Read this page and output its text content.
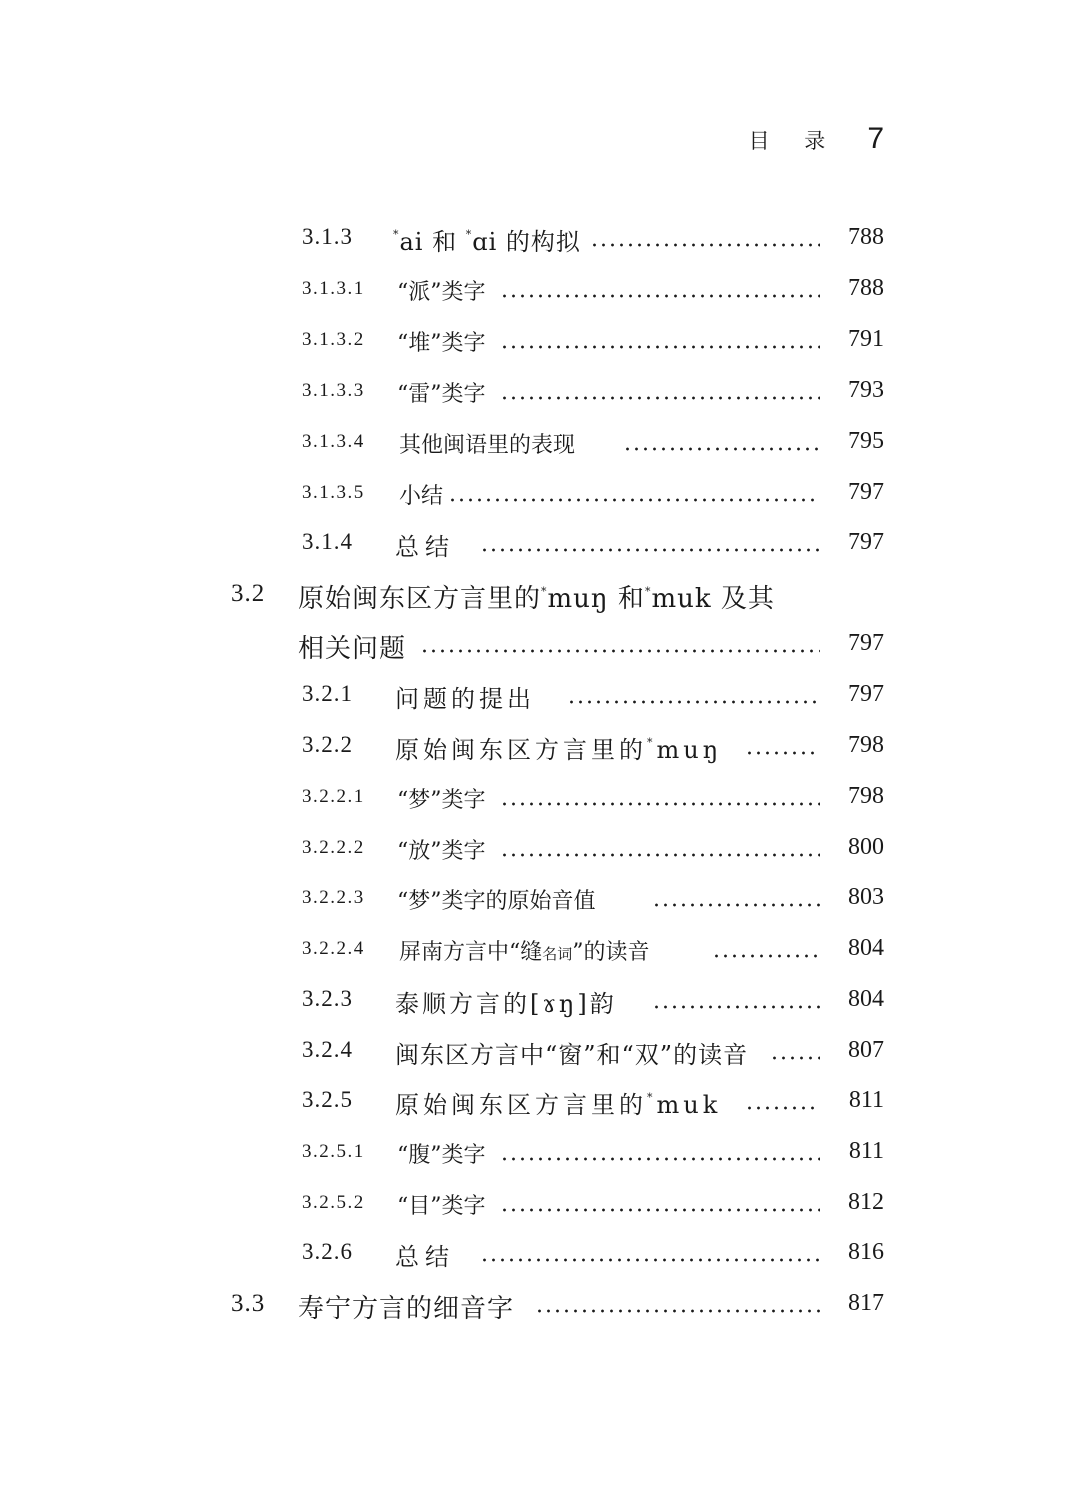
目 录 7
3.1.3	*ai 和 *ɑi 的构拟	788
3.1.3.1 “派”类字	788
3.1.3.2 “堆”类字	791
3.1.3.3 “雷”类字	793
3.1.3.4 其他闽语里的表现	795
3.1.3.5 小结	797
3.1.4 总结	797
3.2 原始闽东区方言里的*muŋ 和*muk 及其
相关问题	797
3.2.1 问题的提出	797
3.2.2 原始闽东区方言里的*muŋ	798
3.2.2.1 “梦”类字	798
3.2.2.2 “放”类字	800
3.2.2.3 “梦”类字的原始音值	803
3.2.2.4 屏南方言中“缝名词”的读音	804
3.2.3 泰顺方言的[ɤŋ]韵	804
3.2.4 闽东区方言中“窗”和“双”的读音	807
3.2.5 原始闽东区方言里的*muk	811
3.2.5.1 “腹”类字	811
3.2.5.2 “目”类字	812
3.2.6 总结	816
3.3 寿宁方言的细音字	817
